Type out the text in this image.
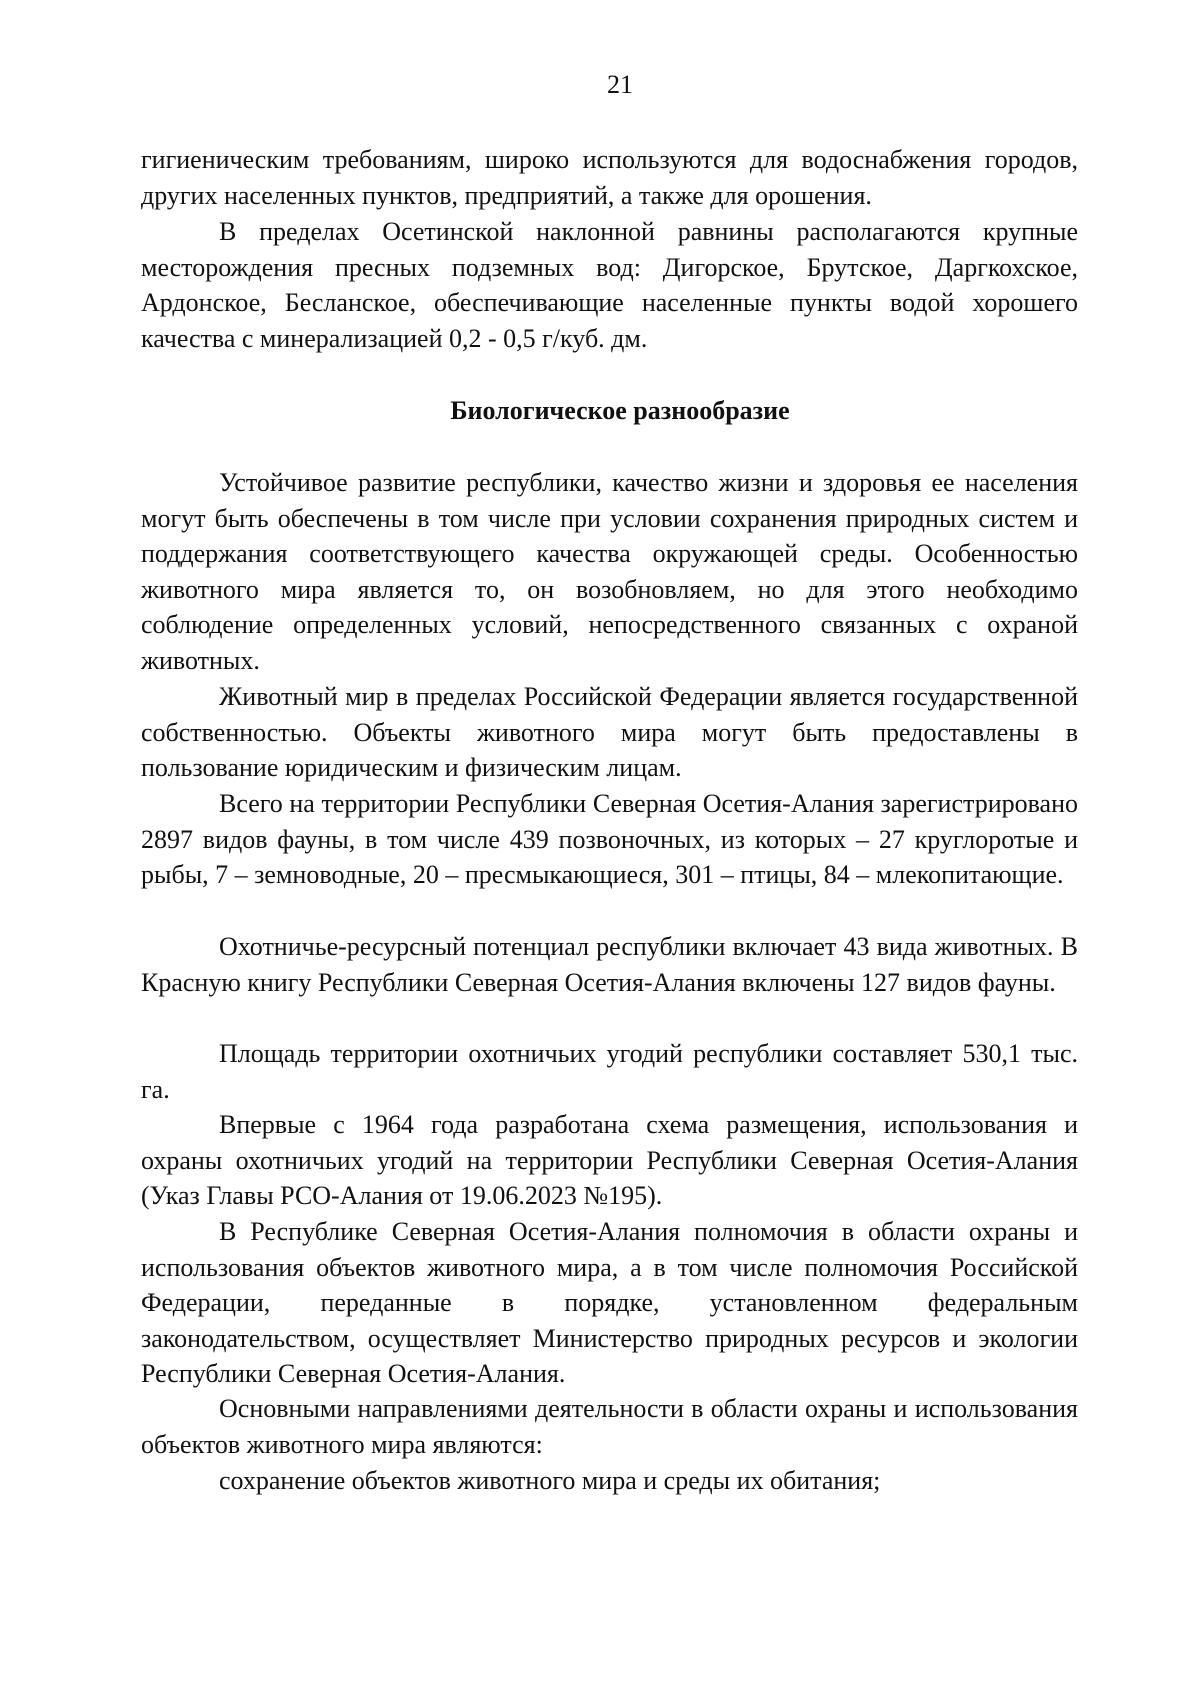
21

гигиеническим требованиям, широко используются для водоснабжения городов, других населенных пунктов, предприятий, а также для орошения.

В пределах Осетинской наклонной равнины располагаются крупные месторождения пресных подземных вод: Дигорское, Брутское, Даргкохское, Ардонское, Бесланское, обеспечивающие населенные пункты водой хорошего качества с минерализацией 0,2 - 0,5 г/куб. дм.

Биологическое разнообразие

Устойчивое развитие республики, качество жизни и здоровья ее населения могут быть обеспечены в том числе при условии сохранения природных систем и поддержания соответствующего качества окружающей среды. Особенностью животного мира является то, он возобновляем, но для этого необходимо соблюдение определенных условий, непосредственного связанных с охраной животных.

Животный мир в пределах Российской Федерации является государственной собственностью. Объекты животного мира могут быть предоставлены в пользование юридическим и физическим лицам.

Всего на территории Республики Северная Осетия-Алания зарегистрировано 2897 видов фауны, в том числе 439 позвоночных, из которых – 27 круглоротые и рыбы, 7 – земноводные, 20 – пресмыкающиеся, 301 – птицы, 84 – млекопитающие.

Охотничье-ресурсный потенциал республики включает 43 вида животных. В Красную книгу Республики Северная Осетия-Алания включены 127 видов фауны.

Площадь территории охотничьих угодий республики составляет 530,1 тыс. га.

Впервые с 1964 года разработана схема размещения, использования и охраны охотничьих угодий на территории Республики Северная Осетия-Алания (Указ Главы РСО-Алания от 19.06.2023 №195).

В Республике Северная Осетия-Алания полномочия в области охраны и использования объектов животного мира, а в том числе полномочия Российской Федерации, переданные в порядке, установленном федеральным законодательством, осуществляет Министерство природных ресурсов и экологии Республики Северная Осетия-Алания.

Основными направлениями деятельности в области охраны и использования объектов животного мира являются:

сохранение объектов животного мира и среды их обитания;
